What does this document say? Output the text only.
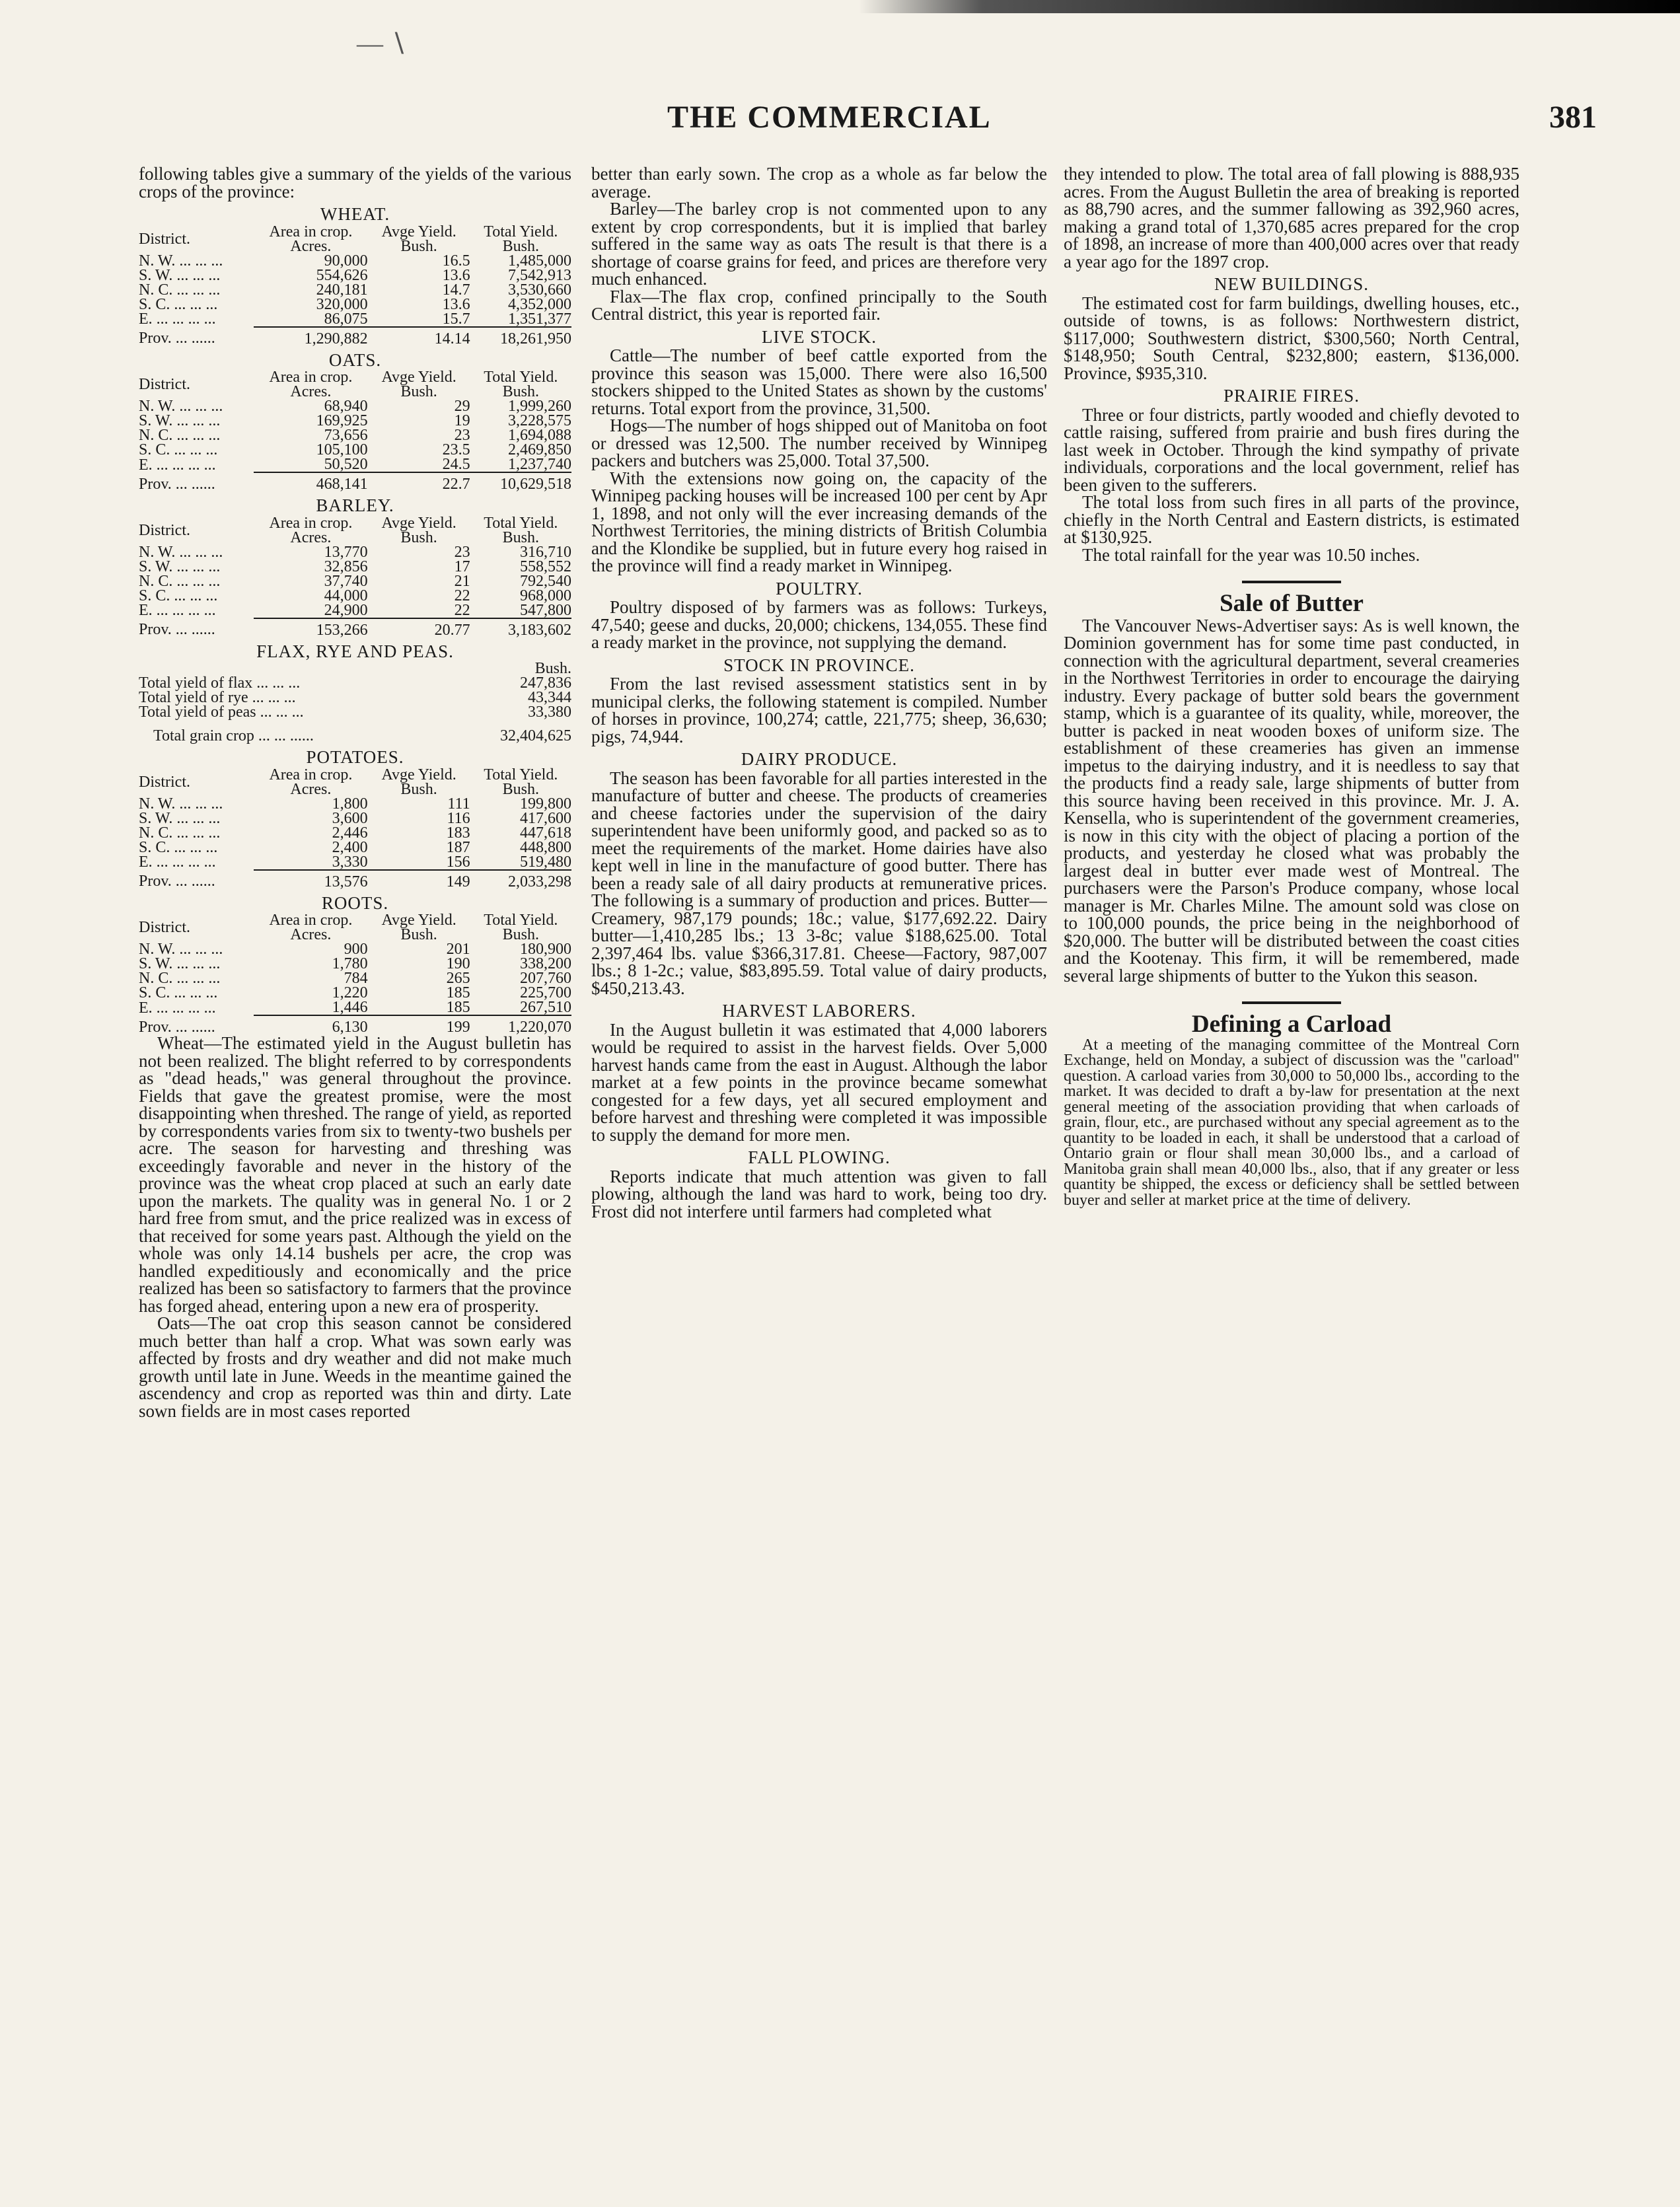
— ∖
THE COMMERCIAL	381

following tables give a summary of the yields of the various crops of the province:

WHEAT.
District.	Area in crop.	Avge Yield.	Total Yield.
	Acres.	Bush.	Bush.
N. W. ... ... ...	90,000	16.5	1,485,000
S. W. ... ... ...	554,626	13.6	7,542,913
N. C. ... ... ...	240,181	14.7	3,530,660
S. C. ... ... ...	320,000	13.6	4,352,000
E. ... ... ... ...	86,075	15.7	1,351,377
Prov. ... ......	1,290,882	14.14	18,261,950
OATS.
District.	Area in crop.	Avge Yield.	Total Yield.
	Acres.	Bush.	Bush.
N. W. ... ... ...	68,940	29	1,999,260
S. W. ... ... ...	169,925	19	3,228,575
N. C. ... ... ...	73,656	23	1,694,088
S. C. ... ... ...	105,100	23.5	2,469,850
E. ... ... ... ...	50,520	24.5	1,237,740
Prov. ... ......	468,141	22.7	10,629,518
BARLEY.
District.	Area in crop.	Avge Yield.	Total Yield.
	Acres.	Bush.	Bush.
N. W. ... ... ...	13,770	23	316,710
S. W. ... ... ...	32,856	17	558,552
N. C. ... ... ...	37,740	21	792,540
S. C. ... ... ...	44,000	22	968,000
E. ... ... ... ...	24,900	22	547,800
Prov. ... ......	153,266	20.77	3,183,602
FLAX, RYE AND PEAS.
	Bush.
Total yield of flax ... ... ...	247,836
Total yield of rye ... ... ...	43,344
Total yield of peas ... ... ...	33,380
Total grain crop ... ... ......	32,404,625
POTATOES.
District.	Area in crop.	Avge Yield.	Total Yield.
	Acres.	Bush.	Bush.
N. W. ... ... ...	1,800	111	199,800
S. W. ... ... ...	3,600	116	417,600
N. C. ... ... ...	2,446	183	447,618
S. C. ... ... ...	2,400	187	448,800
E. ... ... ... ...	3,330	156	519,480
Prov. ... ......	13,576	149	2,033,298
ROOTS.
District.	Area in crop.	Avge Yield.	Total Yield.
	Acres.	Bush.	Bush.
N. W. ... ... ...	900	201	180,900
S. W. ... ... ...	1,780	190	338,200
N. C. ... ... ...	784	265	207,760
S. C. ... ... ...	1,220	185	225,700
E. ... ... ... ...	1,446	185	267,510
Prov. ... ......	6,130	199	1,220,070

Wheat—The estimated yield in the August bulletin has not been realized. The blight referred to by correspondents as "dead heads," was general throughout the province. Fields that gave the greatest promise, were the most disappointing when threshed. The range of yield, as reported by correspondents varies from six to twenty-two bushels per acre. The season for harvesting and threshing was exceedingly favorable and never in the history of the province was the wheat crop placed at such an early date upon the markets. The quality was in general No. 1 or 2 hard free from smut, and the price realized was in excess of that received for some years past. Although the yield on the whole was only 14.14 bushels per acre, the crop was handled expeditiously and economically and the price realized has been so satisfactory to farmers that the province has forged ahead, entering upon a new era of prosperity.

Oats—The oat crop this season cannot be considered much better than half a crop. What was sown early was affected by frosts and dry weather and did not make much growth until late in June. Weeds in the meantime gained the ascendency and crop as reported was thin and dirty. Late sown fields are in most cases reported

better than early sown. The crop as a whole as far below the average.

Barley—The barley crop is not commented upon to any extent by crop correspondents, but it is implied that barley suffered in the same way as oats The result is that there is a shortage of coarse grains for feed, and prices are therefore very much enhanced.

Flax—The flax crop, confined principally to the South Central district, this year is reported fair.

LIVE STOCK.

Cattle—The number of beef cattle exported from the province this season was 15,000. There were also 16,500 stockers shipped to the United States as shown by the customs' returns. Total export from the province, 31,500.

Hogs—The number of hogs shipped out of Manitoba on foot or dressed was 12,500. The number received by Winnipeg packers and butchers was 25,000. Total 37,500.

With the extensions now going on, the capacity of the Winnipeg packing houses will be increased 100 per cent by Apr 1, 1898, and not only will the ever increasing demands of the Northwest Territories, the mining districts of British Columbia and the Klondike be supplied, but in future every hog raised in the province will find a ready market in Winnipeg.

POULTRY.

Poultry disposed of by farmers was as follows: Turkeys, 47,540; geese and ducks, 20,000; chickens, 134,055. These find a ready market in the province, not supplying the demand.

STOCK IN PROVINCE.

From the last revised assessment statistics sent in by municipal clerks, the following statement is compiled. Number of horses in province, 100,274; cattle, 221,775; sheep, 36,630; pigs, 74,944.

DAIRY PRODUCE.

The season has been favorable for all parties interested in the manufacture of butter and cheese. The products of creameries and cheese factories under the supervision of the dairy superintendent have been uniformly good, and packed so as to meet the requirements of the market. Home dairies have also kept well in line in the manufacture of good butter. There has been a ready sale of all dairy products at remunerative prices. The following is a summary of production and prices. Butter—Creamery, 987,179 pounds; 18c.; value, $177,692.22. Dairy butter—1,410,285 lbs.; 13 3-8c; value $188,625.00. Total 2,397,464 lbs. value $366,317.81. Cheese—Factory, 987,007 lbs.; 8 1-2c.; value, $83,895.59. Total value of dairy products, $450,213.43.

HARVEST LABORERS.

In the August bulletin it was estimated that 4,000 laborers would be required to assist in the harvest fields. Over 5,000 harvest hands came from the east in August. Although the labor market at a few points in the province became somewhat congested for a few days, yet all secured employment and before harvest and threshing were completed it was impossible to supply the demand for more men.

FALL PLOWING.

Reports indicate that much attention was given to fall plowing, although the land was hard to work, being too dry. Frost did not interfere until farmers had completed what

they intended to plow. The total area of fall plowing is 888,935 acres. From the August Bulletin the area of breaking is reported as 88,790 acres, and the summer fallowing as 392,960 acres, making a grand total of 1,370,685 acres prepared for the crop of 1898, an increase of more than 400,000 acres over that ready a year ago for the 1897 crop.

NEW BUILDINGS.

The estimated cost for farm buildings, dwelling houses, etc., outside of towns, is as follows: Northwestern district, $117,000; Southwestern district, $300,560; North Central, $148,950; South Central, $232,800; eastern, $136,000. Province, $935,310.

PRAIRIE FIRES.

Three or four districts, partly wooded and chiefly devoted to cattle raising, suffered from prairie and bush fires during the last week in October. Through the kind sympathy of private individuals, corporations and the local government, relief has been given to the sufferers.

The total loss from such fires in all parts of the province, chiefly in the North Central and Eastern districts, is estimated at $130,925.

The total rainfall for the year was 10.50 inches.

Sale of Butter

The Vancouver News-Advertiser says: As is well known, the Dominion government has for some time past conducted, in connection with the agricultural department, several creameries in the Northwest Territories in order to encourage the dairying industry. Every package of butter sold bears the government stamp, which is a guarantee of its quality, while, moreover, the butter is packed in neat wooden boxes of uniform size. The establishment of these creameries has given an immense impetus to the dairying industry, and it is needless to say that the products find a ready sale, large shipments of butter from this source having been received in this province. Mr. J. A. Kensella, who is superintendent of the government creameries, is now in this city with the object of placing a portion of the products, and yesterday he closed what was probably the largest deal in butter ever made west of Montreal. The purchasers were the Parson's Produce company, whose local manager is Mr. Charles Milne. The amount sold was close on to 100,000 pounds, the price being in the neighborhood of $20,000. The butter will be distributed between the coast cities and the Kootenay. This firm, it will be remembered, made several large shipments of butter to the Yukon this season.

Defining a Carload

At a meeting of the managing committee of the Montreal Corn Exchange, held on Monday, a subject of discussion was the "carload" question. A carload varies from 30,000 to 50,000 lbs., according to the market. It was decided to draft a by-law for presentation at the next general meeting of the association providing that when carloads of grain, flour, etc., are purchased without any special agreement as to the quantity to be loaded in each, it shall be understood that a carload of Ontario grain or flour shall mean 30,000 lbs., and a carload of Manitoba grain shall mean 40,000 lbs., also, that if any greater or less quantity be shipped, the excess or deficiency shall be settled between buyer and seller at market price at the time of delivery.
